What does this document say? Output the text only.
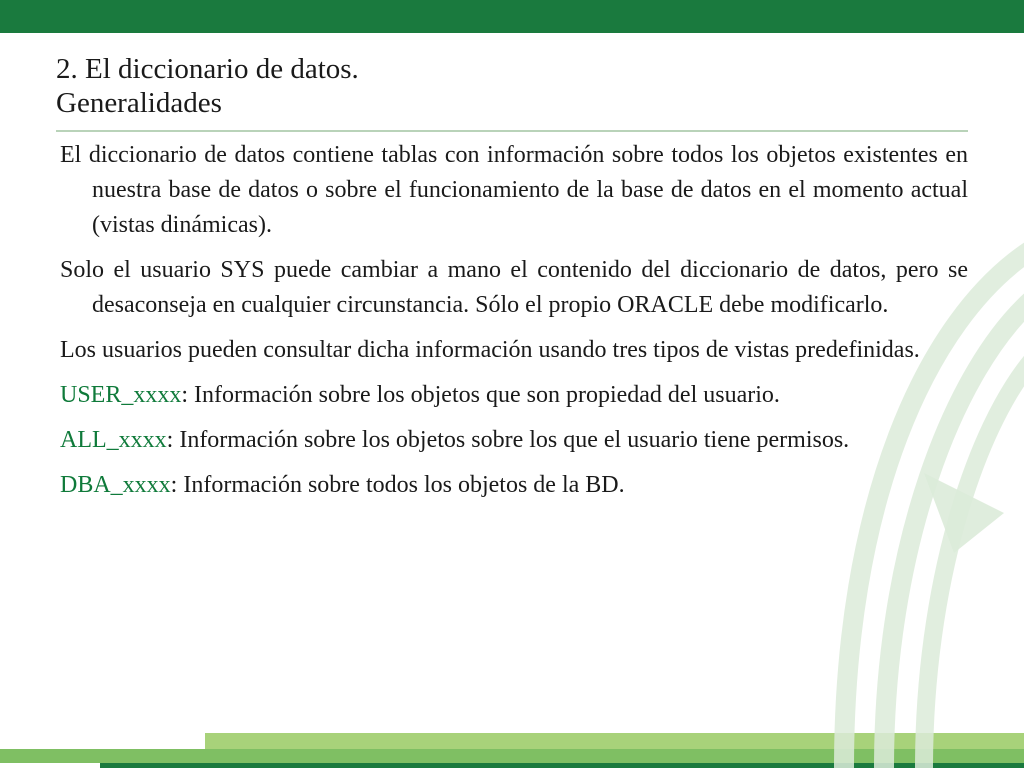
2. El diccionario de datos.
Generalidades

El diccionario de datos contiene tablas con información sobre todos los objetos existentes en nuestra base de datos o sobre el funcionamiento de la base de datos en el momento actual (vistas dinámicas).

Solo el usuario SYS puede cambiar a mano el contenido del diccionario de datos, pero se desaconseja en cualquier circunstancia. Sólo el propio ORACLE debe modificarlo.

Los usuarios pueden consultar dicha información usando tres tipos de vistas predefinidas.

USER_xxxx: Información sobre los objetos que son propiedad del usuario.

ALL_xxxx: Información sobre los objetos sobre los que el usuario tiene permisos.

DBA_xxxx: Información sobre todos los objetos de la BD.
